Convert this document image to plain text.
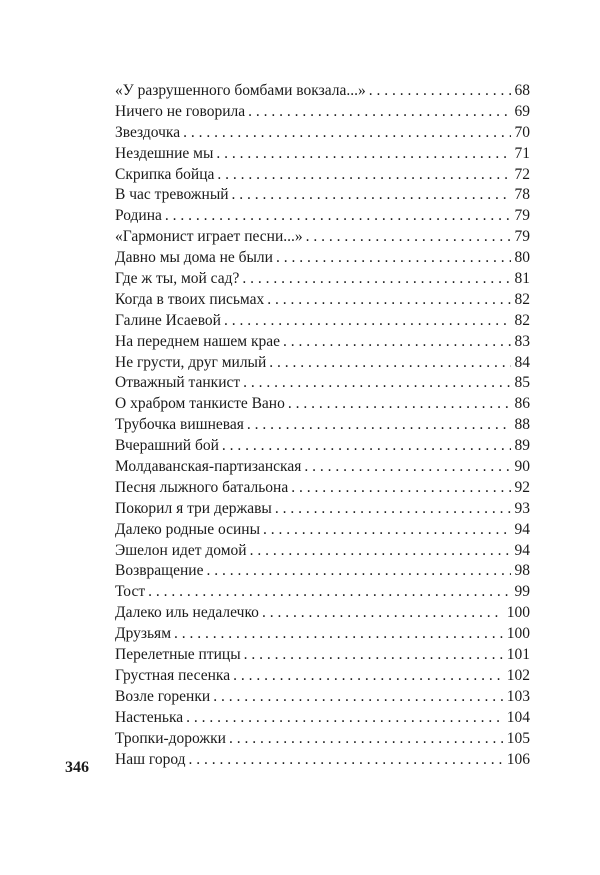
«У разрушенного бомбами вокзала...» . . .	68
Ничего не говорила . . .	69
Звездочка . . .	70
Нездешние мы . . .	71
Скрипка бойца . . .	72
В час тревожный . . .	78
Родина . . .	79
«Гармонист играет песни...» . . .	79
Давно мы дома не были . . .	80
Где ж ты, мой сад? . . .	81
Когда в твоих письмах . . .	82
Галине Исаевой . . .	82
На переднем нашем крае . . .	83
Не грусти, друг милый . . .	84
Отважный танкист . . .	85
О храбром танкисте Вано . . .	86
Трубочка вишневая . . .	88
Вчерашний бой . . .	89
Молдаванская-партизанская . . .	90
Песня лыжного батальона . . .	92
Покорил я три державы . . .	93
Далеко родные осины . . .	94
Эшелон идет домой . . .	94
Возвращение . . .	98
Тост . . .	99
Далеко иль недалечко . . .	100
Друзьям . . .	100
Перелетные птицы . . .	101
Грустная песенка . . .	102
Возле горенки . . .	103
Настенька . . .	104
Тропки-дорожки . . .	105
Наш город . . .	106
346
